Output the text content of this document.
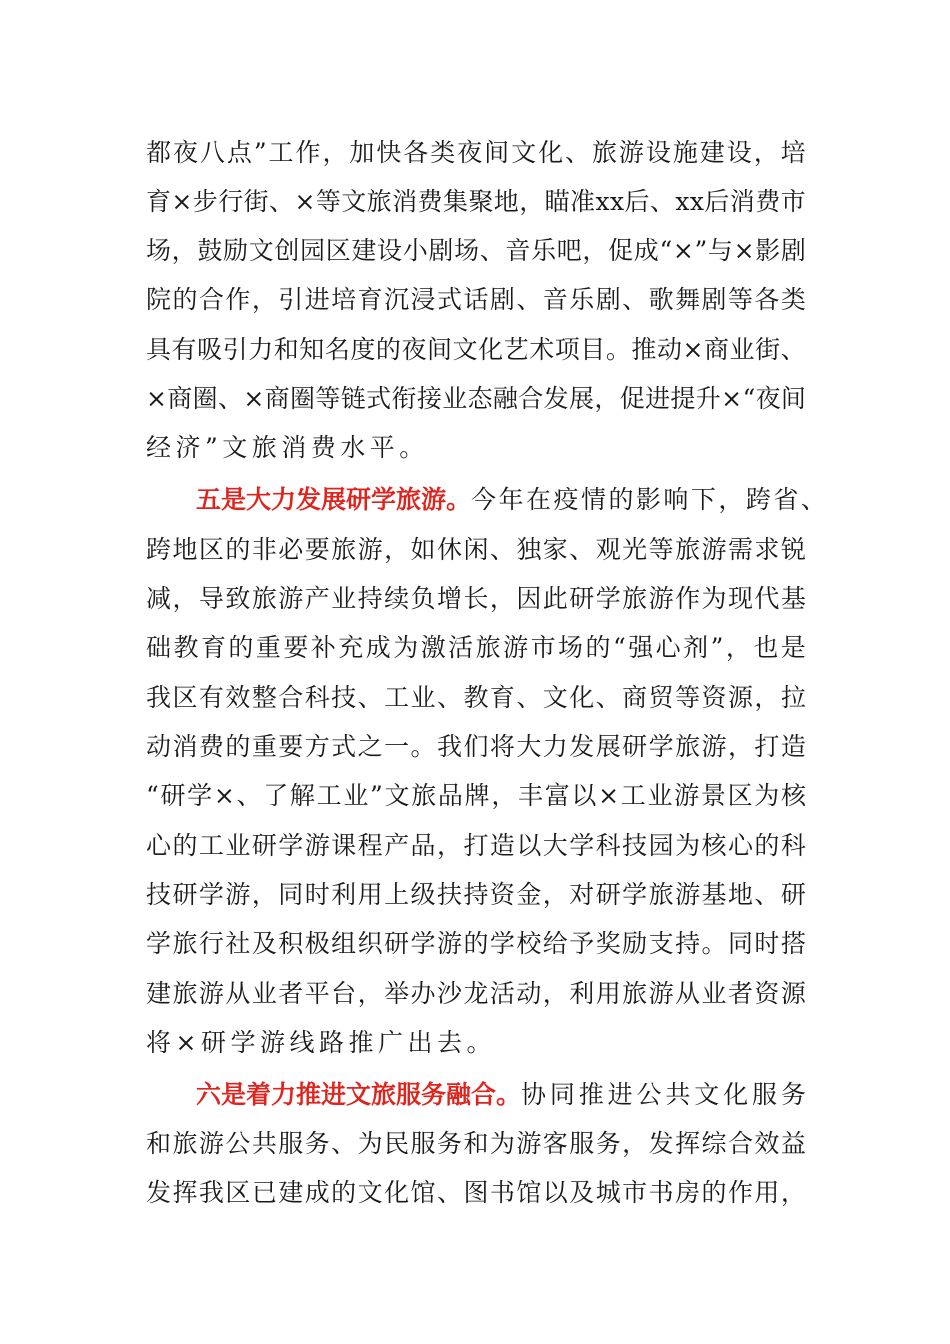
都 夜 八 点 ” 工 作 ， 加 快 各 类 夜 间 文 化 、 旅 游 设 施 建 设 ， 培
育 × 步 行 街 、 × 等 文 旅 消 费 集 聚 地 ， 瞄 准 x x 后 、 x x 后 消 费 市
场 ， 鼓 励 文 创 园 区 建 设 小 剧 场 、 音 乐 吧 ， 促 成 “ × ” 与 × 影 剧
院 的 合 作 ， 引 进 培 育 沉 浸 式 话 剧 、 音 乐 剧 、 歌 舞 剧 等 各 类
具 有 吸 引 力 和 知 名 度 的 夜 间 文 化 艺 术 项 目 。 推 动 × 商 业 街 、
× 商 圈 、 × 商 圈 等 链 式 衔 接 业 态 融 合 发 展 ， 促 进 提 升 × “ 夜 间
经济”文旅消费水平。
五是大力发展研学旅游。 今 年 在 疫 情 的 影 响 下 ， 跨 省 、
跨 地 区 的 非 必 要 旅 游 ， 如 休 闲 、 独 家 、 观 光 等 旅 游 需 求 锐
减 ， 导 致 旅 游 产 业 持 续 负 增 长 ， 因 此 研 学 旅 游 作 为 现 代 基
础 教 育 的 重 要 补 充 成 为 激 活 旅 游 市 场 的 “ 强 心 剂 ” ， 也 是
我 区 有 效 整 合 科 技 、 工 业 、 教 育 、 文 化 、 商 贸 等 资 源 ， 拉
动 消 费 的 重 要 方 式 之 一 。 我 们 将 大 力 发 展 研 学 旅 游 ， 打 造
“ 研 学 × 、 了 解 工 业 ” 文 旅 品 牌 ， 丰 富 以 × 工 业 游 景 区 为 核
心 的 工 业 研 学 游 课 程 产 品 ， 打 造 以 大 学 科 技 园 为 核 心 的 科
技 研 学 游 ， 同 时 利 用 上 级 扶 持 资 金 ， 对 研 学 旅 游 基 地 、 研
学 旅 行 社 及 积 极 组 织 研 学 游 的 学 校 给 予 奖 励 支 持 。 同 时 搭
建 旅 游 从 业 者 平 台 ， 举 办 沙 龙 活 动 ， 利 用 旅 游 从 业 者 资 源
将×研学游线路推广出去。
六是着力推进文旅服务融合。 协 同 推 进 公 共 文 化 服 务
和 旅 游 公 共 服 务 、 为 民 服 务 和 为 游 客 服 务 ， 发 挥 综 合 效 益
发 挥 我 区 已 建 成 的 文 化 馆 、 图 书 馆 以 及 城 市 书 房 的 作 用 ，
